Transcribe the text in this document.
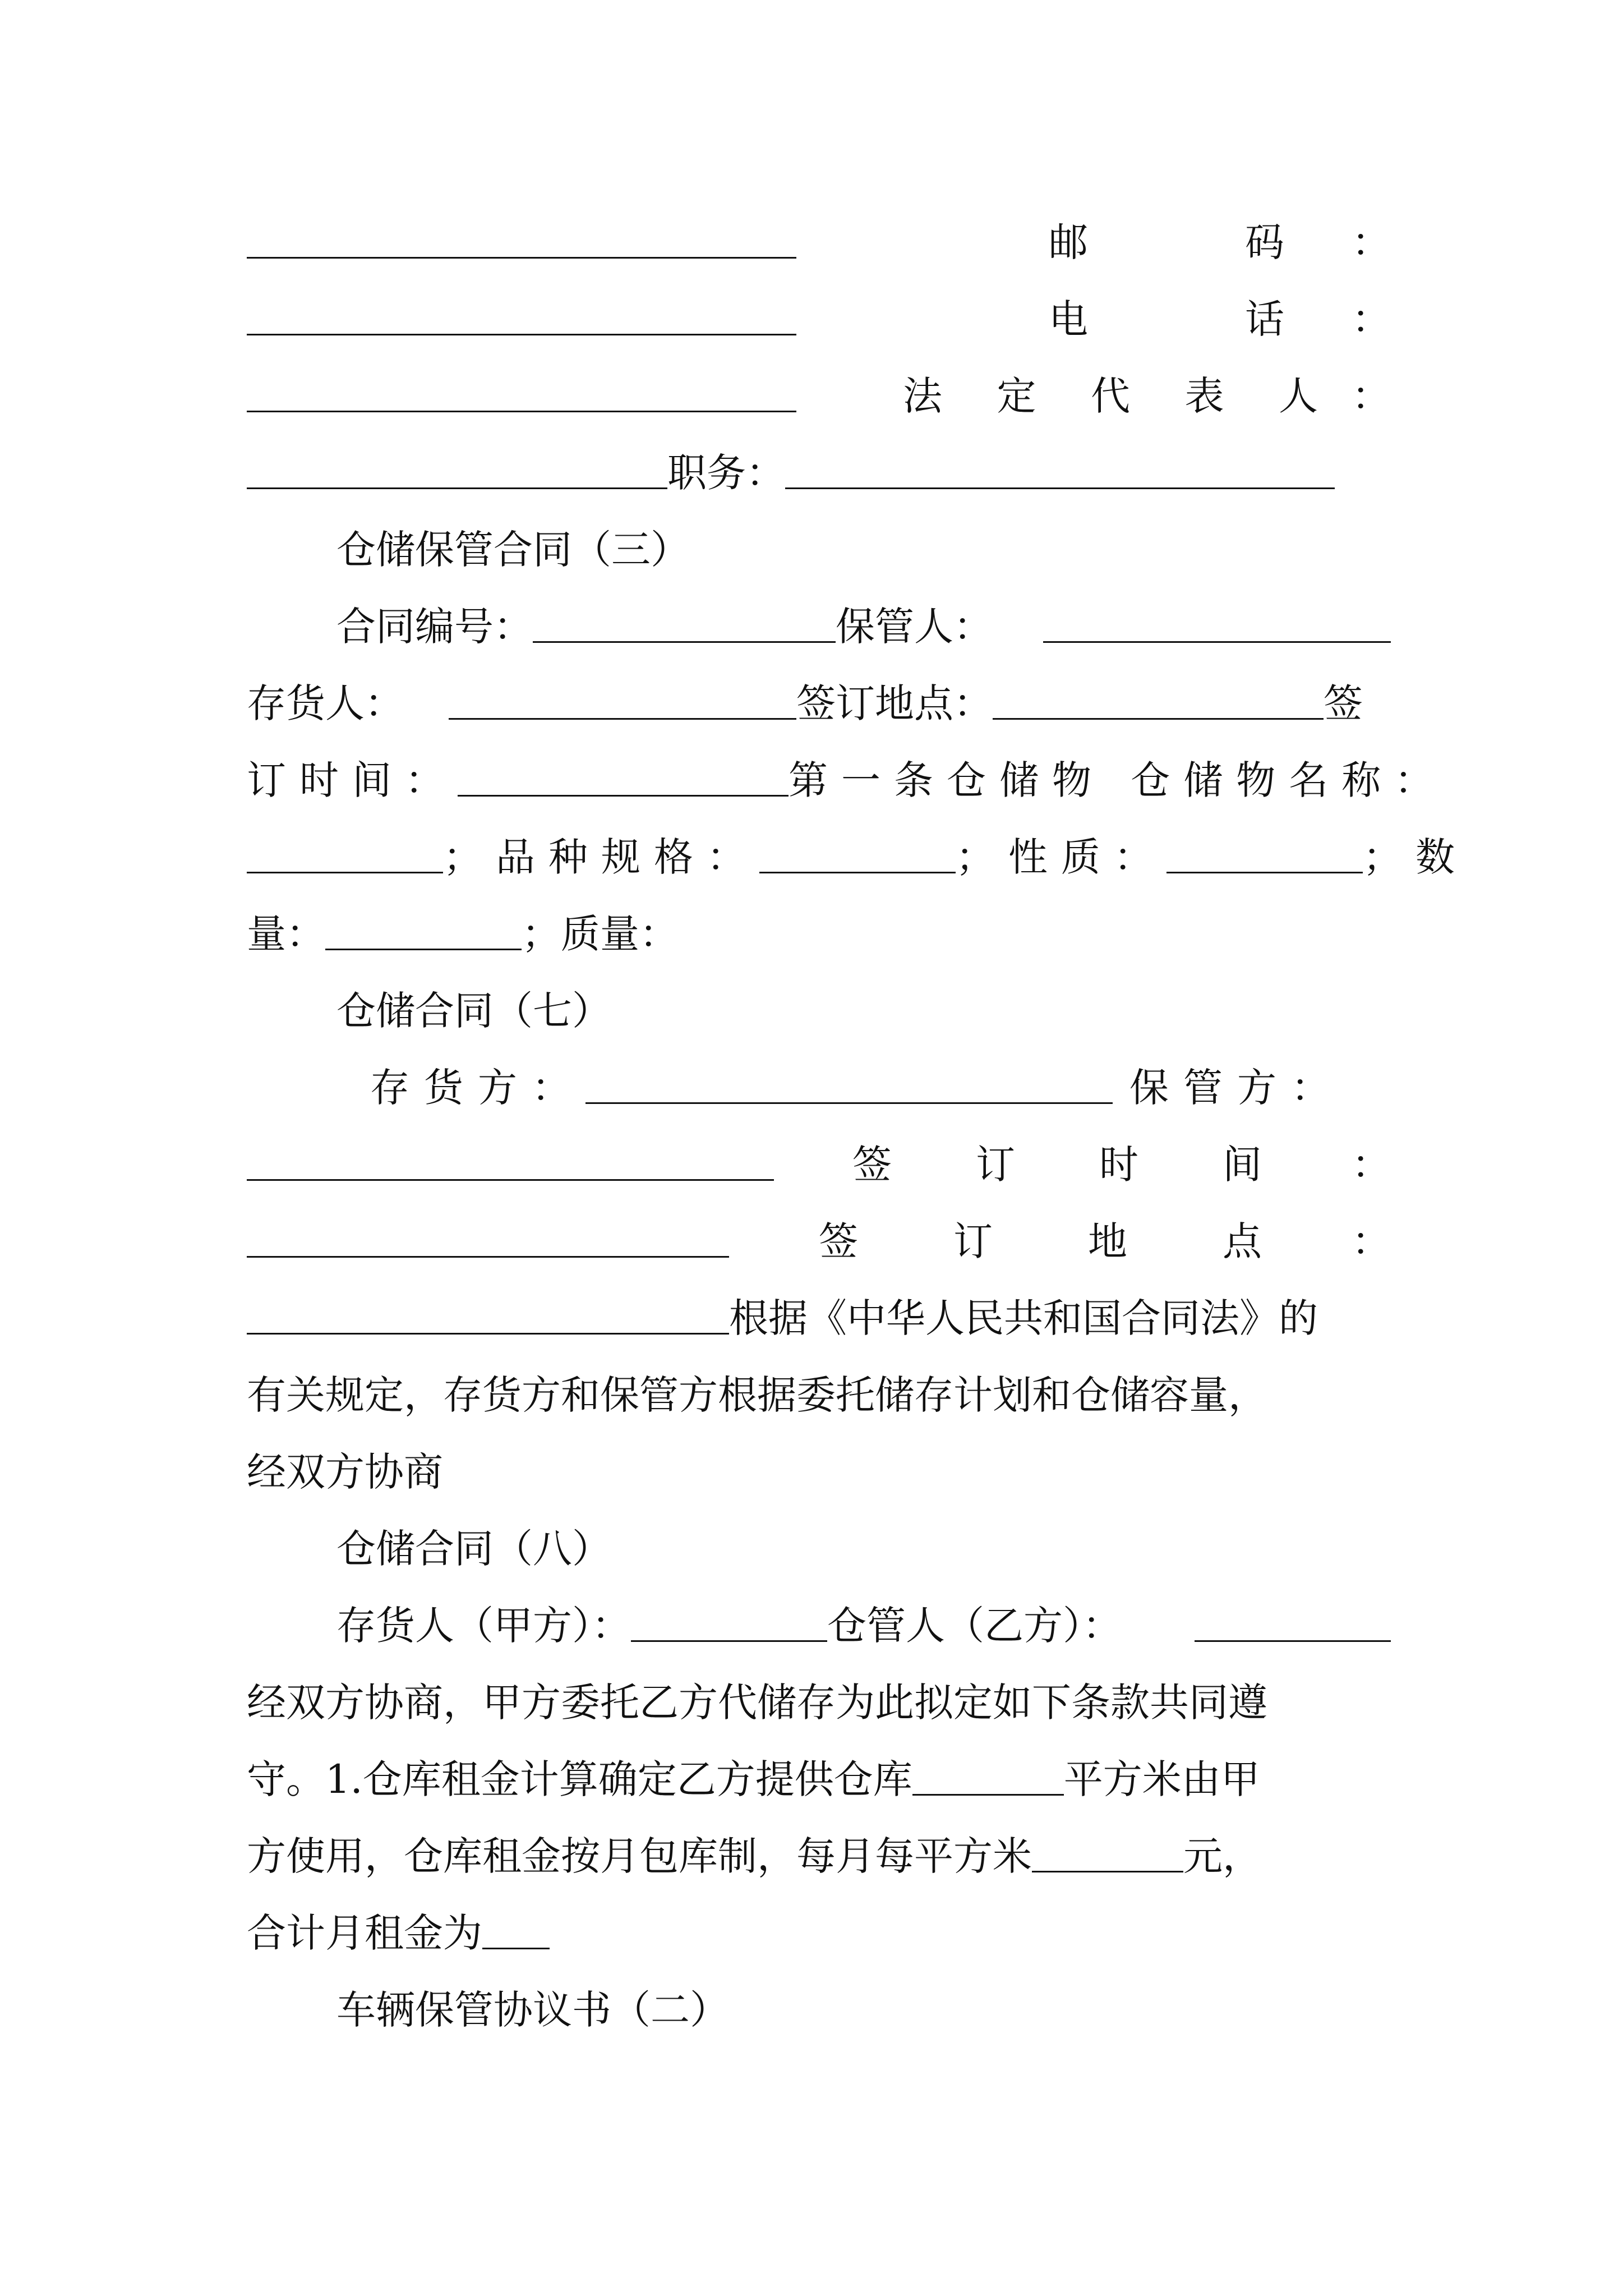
邮	码 ：
电	话 ：
法 定 代 表 人 ：
职务：
仓储保管合同（三）
合同编号：	保管人：
存货人：	签订地点：	签
订时间：	第一条仓储物 仓储物名称：
；品种规格：	；性质：	；数
量：	；质量：
仓储合同（七）
存货方：	保管方：
签 订 时 间 ：
签 订 地 点 ：
根据《中华人民共和国合同法》的
有关规定，存货方和保管方根据委托储存计划和仓储容量，
经双方协商
仓储合同（八）
存货人（甲方）：	仓管人（乙方）：
经双方协商，甲方委托乙方代储存为此拟定如下条款共同遵
守。1.仓库租金计算确定乙方提供仓库	平方米由甲
方使用，仓库租金按月包库制，每月每平方米	元，
合计月租金为
车辆保管协议书（二）
